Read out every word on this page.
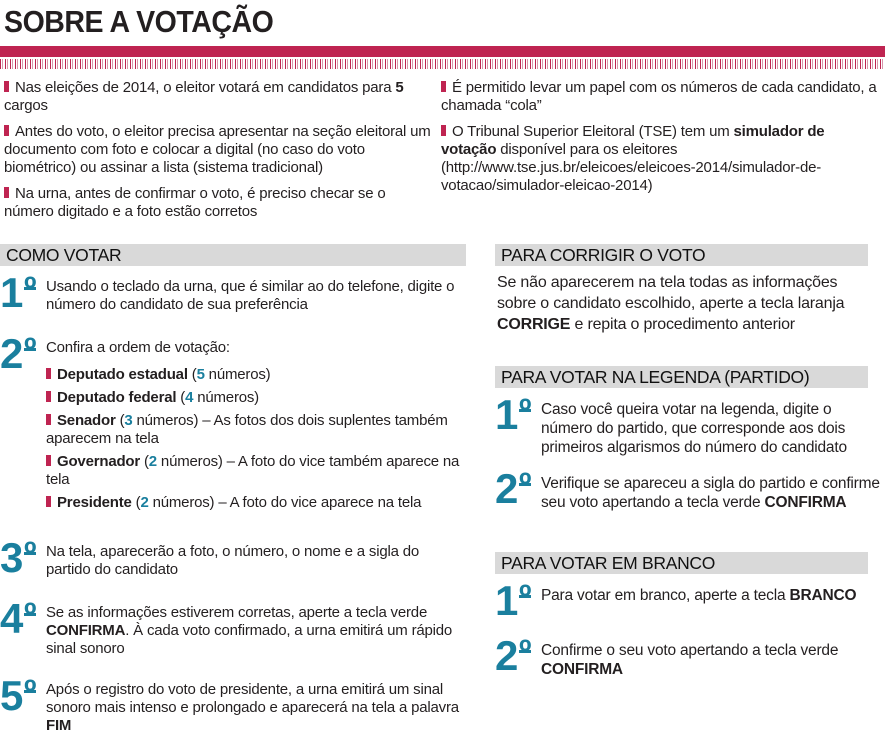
SOBRE A VOTAÇÃO

Nas eleições de 2014, o eleitor votará em candidatos para 5 cargos

Antes do voto, o eleitor precisa apresentar na seção eleitoral um documento com foto e colocar a digital (no caso do voto biométrico) ou assinar a lista (sistema tradicional)

Na urna, antes de confirmar o voto, é preciso checar se o número digitado e a foto estão corretos

É permitido levar um papel com os números de cada candidato, a chamada “cola”

O Tribunal Superior Eleitoral (TSE) tem um simulador de votação disponível para os eleitores (http://www.tse.jus.br/eleicoes/eleicoes-2014/simulador-de-votacao/simulador-eleicao-2014)

COMO VOTAR
1 º Usando o teclado da urna, que é similar ao do telefone, digite o número do candidato de sua preferência
2 º Confira a ordem de votação:

Deputado estadual (5 números)

Deputado federal (4 números)

Senador (3 números) – As fotos dos dois suplentes também aparecem na tela

Governador (2 números) – A foto do vice também aparece na tela

Presidente (2 números) – A foto do vice aparece na tela

3 º Na tela, aparecerão a foto, o número, o nome e a sigla do partido do candidato
4 º Se as informações estiverem corretas, aperte a tecla verde CONFIRMA. À cada voto confirmado, a urna emitirá um rápido sinal sonoro
5 º Após o registro do voto de presidente, a urna emitirá um sinal sonoro mais intenso e prolongado e aparecerá na tela a palavra FIM
PARA CORRIGIR O VOTO

Se não aparecerem na tela todas as informações sobre o candidato escolhido, aperte a tecla laranja CORRIGE e repita o procedimento anterior

PARA VOTAR NA LEGENDA (PARTIDO)
1 º Caso você queira votar na legenda, digite o número do partido, que corresponde aos dois primeiros algarismos do número do candidato
2 º Verifique se apareceu a sigla do partido e confirme seu voto apertando a tecla verde CONFIRMA
PARA VOTAR EM BRANCO
1 º Para votar em branco, aperte a tecla BRANCO
2 º Confirme o seu voto apertando a tecla verde CONFIRMA
